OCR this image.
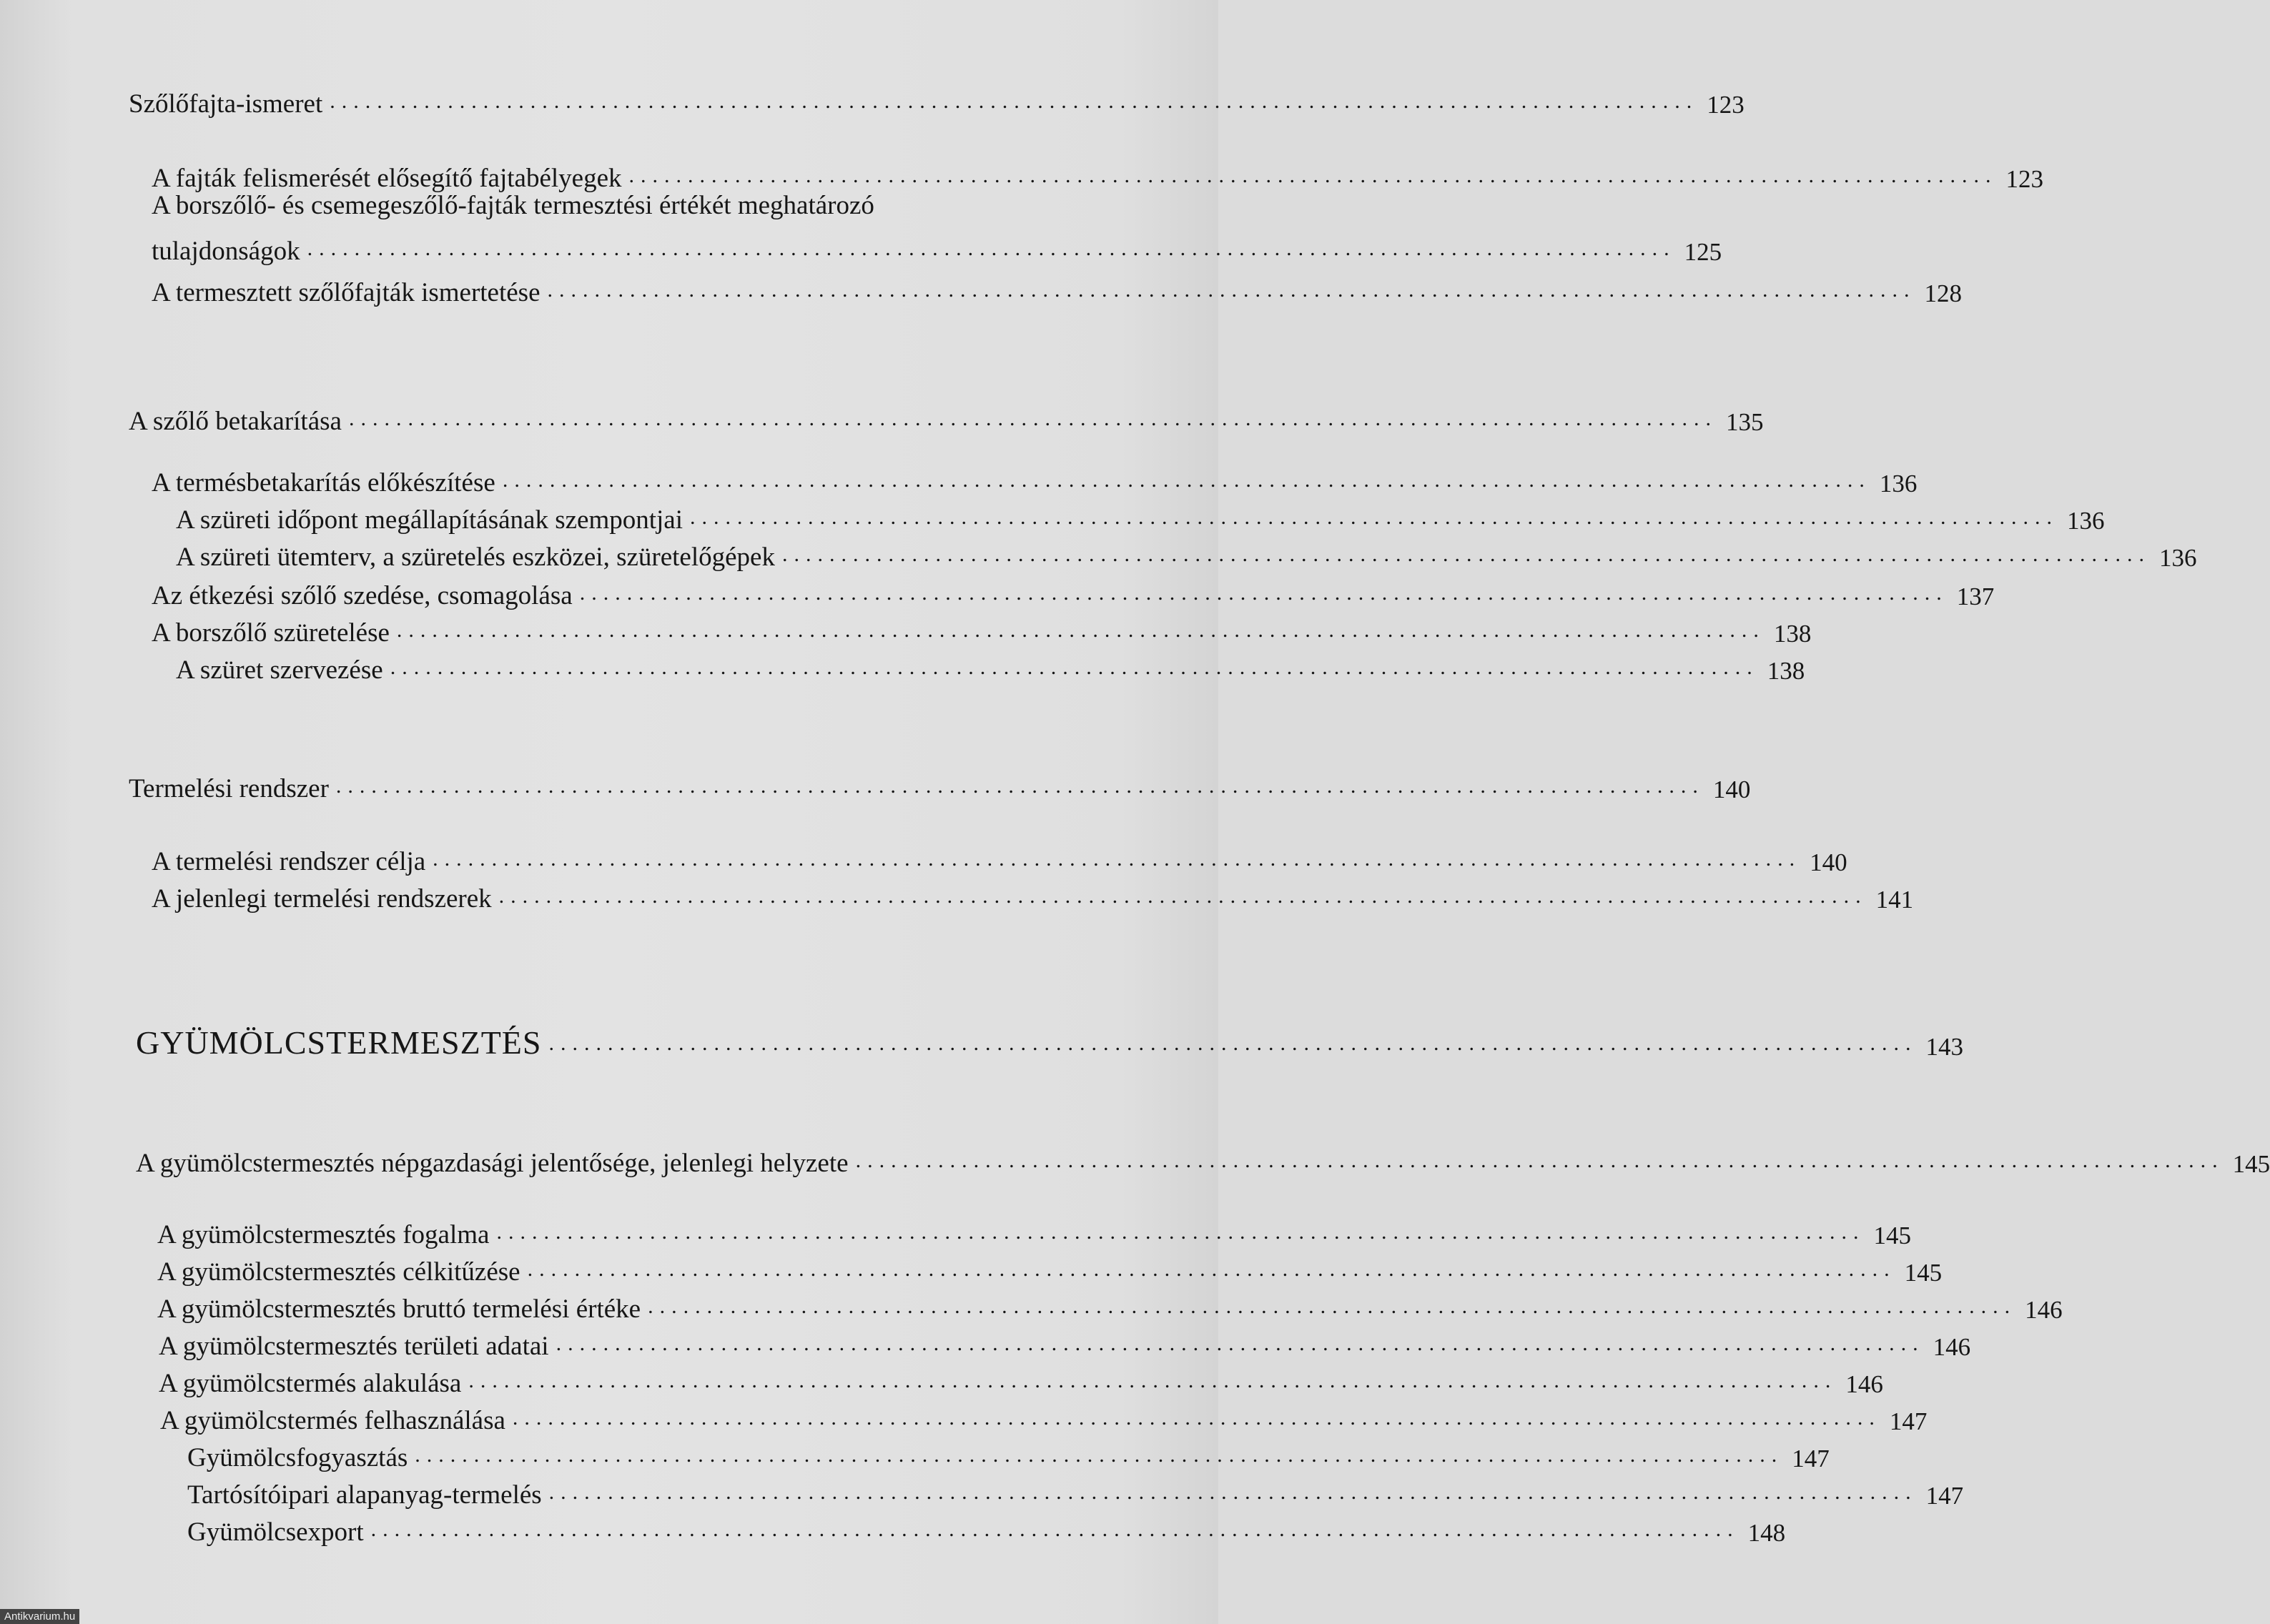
Szőlőfajta-ismeret .................................................................................................................... 123
A fajták felismerését elősegítő fajtabélyegek .................................................................................................................... 123
A borszőlő- és csemegeszőlő-fajták termesztési értékét meghatározó
tulajdonságok .................................................................................................................... 125
A termesztett szőlőfajták ismertetése .................................................................................................................... 128
A szőlő betakarítása .................................................................................................................... 135
A termésbetakarítás előkészítése .................................................................................................................... 136
A szüreti időpont megállapításának szempontjai .................................................................................................................... 136
A szüreti ütemterv, a szüretelés eszközei, szüretelőgépek .................................................................................................................... 136
Az étkezési szőlő szedése, csomagolása .................................................................................................................... 137
A borszőlő szüretelése .................................................................................................................... 138
A szüret szervezése .................................................................................................................... 138
Termelési rendszer .................................................................................................................... 140
A termelési rendszer célja .................................................................................................................... 140
A jelenlegi termelési rendszerek .................................................................................................................... 141
GYÜMÖLCSTERMESZTÉS .................................................................................................................... 143
A gyümölcstermesztés népgazdasági jelentősége, jelenlegi helyzete .................................................................................................................... 145
A gyümölcstermesztés fogalma .................................................................................................................... 145
A gyümölcstermesztés célkitűzése .................................................................................................................... 145
A gyümölcstermesztés bruttó termelési értéke .................................................................................................................... 146
A gyümölcstermesztés területi adatai .................................................................................................................... 146
A gyümölcstermés alakulása .................................................................................................................... 146
A gyümölcstermés felhasználása .................................................................................................................... 147
Gyümölcsfogyasztás .................................................................................................................... 147
Tartósítóipari alapanyag-termelés .................................................................................................................... 147
Gyümölcsexport .................................................................................................................... 148
Antikvarium.hu
